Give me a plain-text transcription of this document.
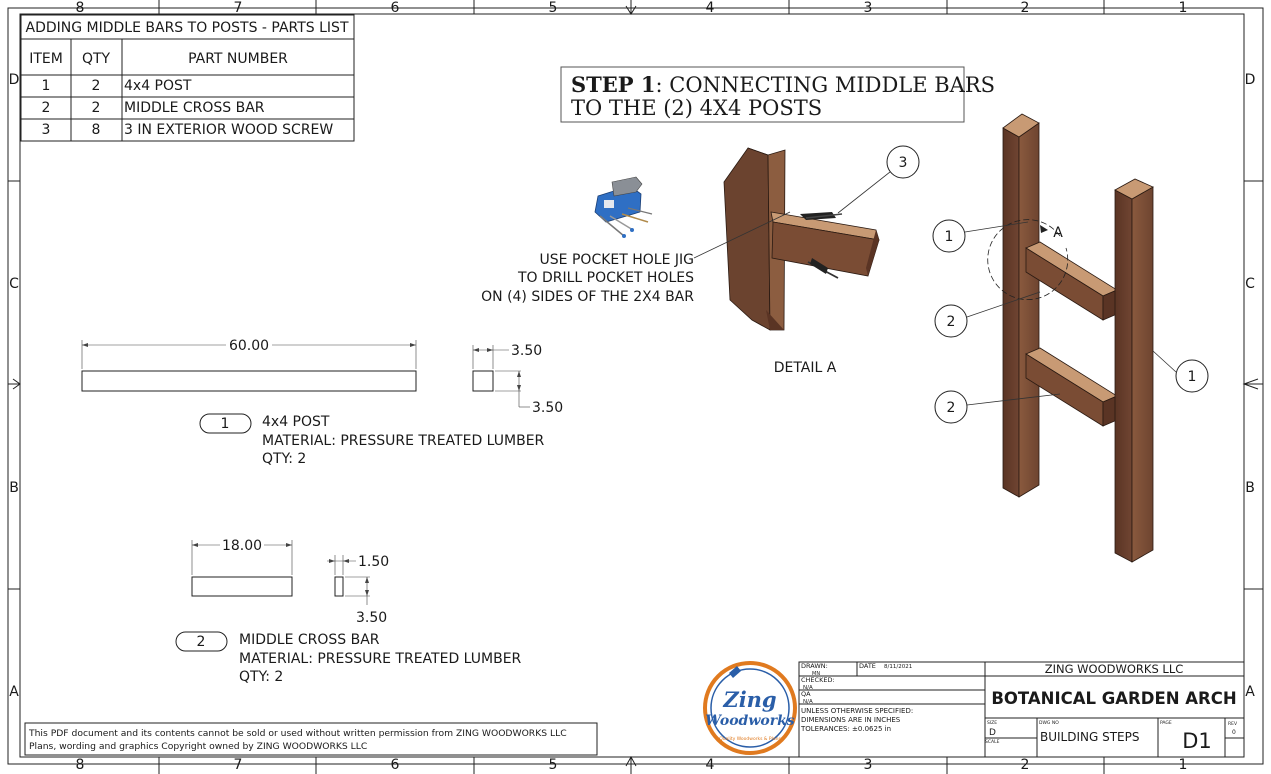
8	7	6	5	4	3	2	1
8	7	6	5	4	3	2	1
D
C
B
A
D
C
B
A
ADDING MIDDLE BARS TO POSTS - PARTS LIST
ITEM QTY	PART NUMBER
1	2 4x4 POST
2	2 MIDDLE CROSS BAR
3	8 3 IN EXTERIOR WOOD SCREW
STEP 1: CONNECTING MIDDLE BARS
TO THE (2) 4X4 POSTS
3
USE POCKET HOLE JIG
TO DRILL POCKET HOLES
ON (4) SIDES OF THE 2X4 BAR
DETAIL A
A
1
2
2
1
60.00	3.50
3.50
1 4x4 POST
MATERIAL: PRESSURE TREATED LUMBER
QTY: 2
18.00
1.50
3.50
2 MIDDLE CROSS BAR
MATERIAL: PRESSURE TREATED LUMBER
QTY: 2
This PDF document and its contents cannot be sold or used without written permission from ZING WOODWORKS LLC
Plans, wording and graphics Copyright owned by ZING WOODWORKS LLC
Zing
Woodworks
Quality Woodworks & Plans
DRAWN:
MN
DATE 8/11/2021
CHECKED:
N/A
QA
N/A
UNLESS OTHERWISE SPECIFIED:
DIMENSIONS ARE IN INCHES
TOLERANCES: ±0.0625 in
ZING WOODWORKS LLC
BOTANICAL GARDEN ARCH
SIZE
D
SCALE
DWG NO
BUILDING STEPS
PAGE
D1
REV
0
